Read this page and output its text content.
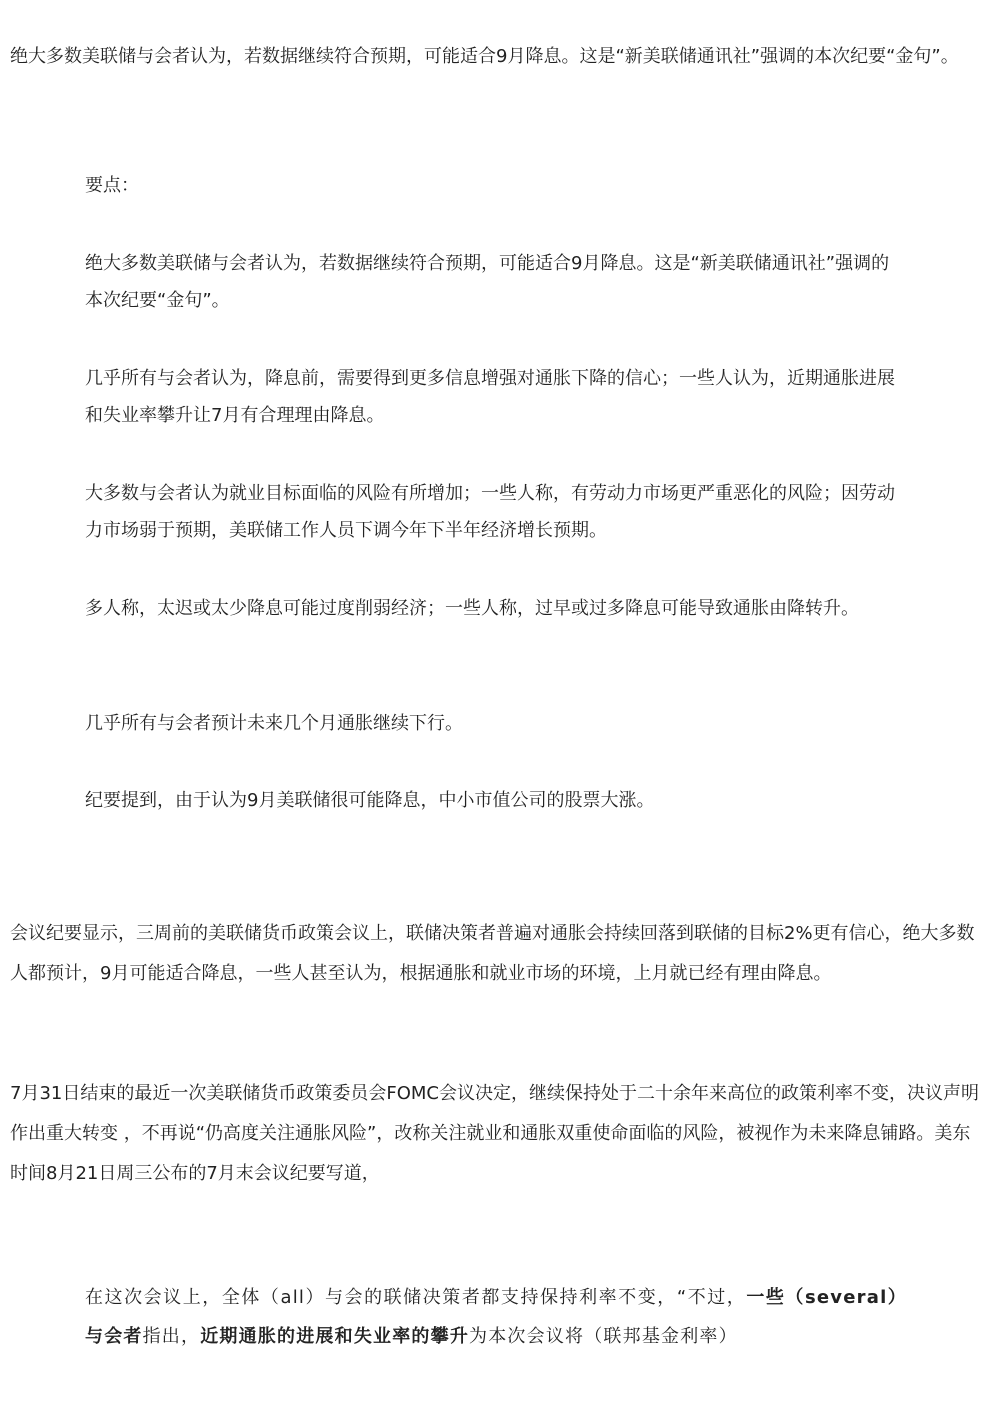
绝大多数美联储与会者认为，若数据继续符合预期，可能适合9月降息。这是“新美联储通讯社”强调的本次纪要“金句”。

要点：

绝大多数美联储与会者认为，若数据继续符合预期，可能适合9月降息。这是“新美联储通讯社”强调的本次纪要“金句”。

几乎所有与会者认为，降息前，需要得到更多信息增强对通胀下降的信心；一些人认为，近期通胀进展和失业率攀升让7月有合理理由降息。

大多数与会者认为就业目标面临的风险有所增加；一些人称，有劳动力市场更严重恶化的风险；因劳动力市场弱于预期，美联储工作人员下调今年下半年经济增长预期。

多人称，太迟或太少降息可能过度削弱经济；一些人称，过早或过多降息可能导致通胀由降转升。

几乎所有与会者预计未来几个月通胀继续下行。

纪要提到，由于认为9月美联储很可能降息，中小市值公司的股票大涨。

会议纪要显示，三周前的美联储货币政策会议上，联储决策者普遍对通胀会持续回落到联储的目标2%更有信心，绝大多数人都预计，9月可能适合降息，一些人甚至认为，根据通胀和就业市场的环境，上月就已经有理由降息。

7月31日结束的最近一次美联储货币政策委员会FOMC会议决定，继续保持处于二十余年来高位的政策利率不变，决议声明作出重大转变 ，不再说“仍高度关注通胀风险”，改称关注就业和通胀双重使命面临的风险，被视作为未来降息铺路。美东时间8月21日周三公布的7月末会议纪要写道，

在这次会议上，全体（all）与会的联储决策者都支持保持利率不变，“不过，一些（several）与会者指出，近期通胀的进展和失业率的攀升为本次会议将（联邦基金利率）
